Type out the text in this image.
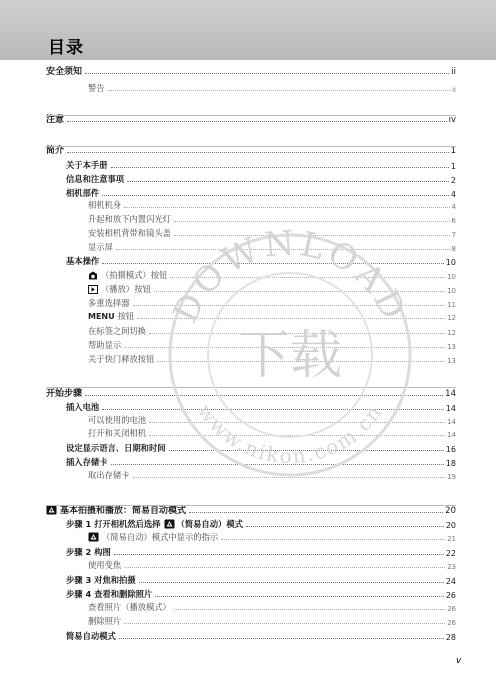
目录
安全须知	ii
警告	ii
注意	iv
简介	1
关于本手册	1
信息和注意事项	2
相机部件	4
相机机身	4
升起和放下内置闪光灯	6
安装相机背带和镜头盖	7
显示屏	8
基本操作	10
（拍摄模式）按钮	10
（播放）按钮	10
多重选择器	11
MENU 按钮	12
在标签之间切换	12
帮助显示	13
关于快门释放按钮	13
开始步骤	14
插入电池	14
可以使用的电池	14
打开和关闭相机	14
设定显示语言、日期和时间	16
插入存储卡	18
取出存储卡	19
基本拍摄和播放：简易自动模式	20
步骤 1 打开相机然后选择 （简易自动）模式	20
（简易自动）模式中显示的指示	21
步骤 2 构图	22
使用变焦	23
步骤 3 对焦和拍摄	24
步骤 4 查看和删除照片	26
查看照片（播放模式）	26
删除照片	26
简易自动模式	28
DOWNLOAD
www.nikon.com.cn
下载
v
